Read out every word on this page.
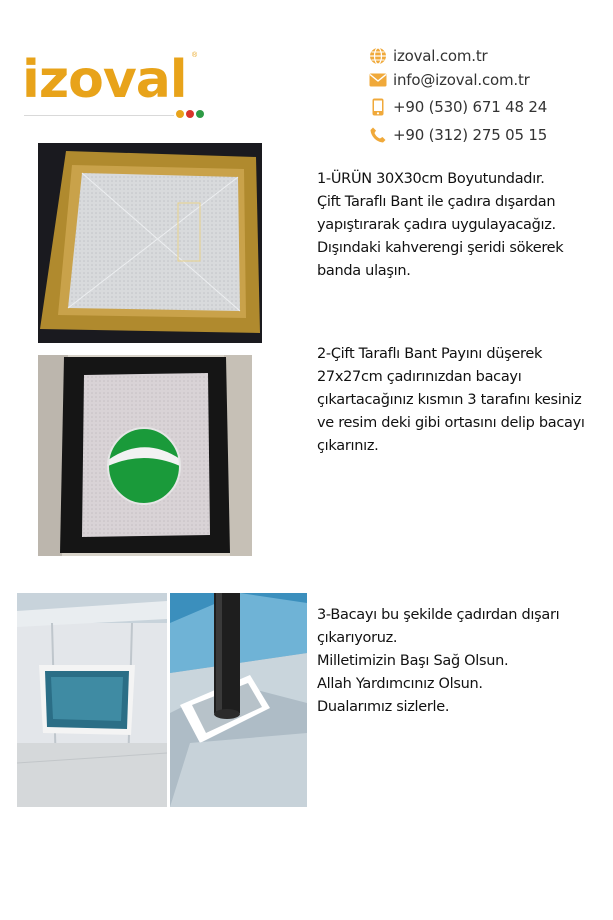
izoval ®	izoval.com.tr
info@izoval.com.tr
+90 (530) 671 48 24
+90 (312) 275 05 15
1-ÜRÜN 30X30cm Boyutundadır.
Çift Taraflı Bant ile çadıra dışardan
yapıştırarak çadıra uygulayacağız.
Dışındaki kahverengi şeridi sökerek
banda ulaşın.
2-Çift Taraflı Bant Payını düşerek
27x27cm çadırınızdan bacayı
çıkartacağınız kısmın 3 tarafını kesiniz
ve resim deki gibi ortasını delip bacayı
çıkarınız.
3-Bacayı bu şekilde çadırdan dışarı
çıkarıyoruz.
Milletimizin Başı Sağ Olsun.
Allah Yardımcınız Olsun.
Dualarımız sizlerle.
